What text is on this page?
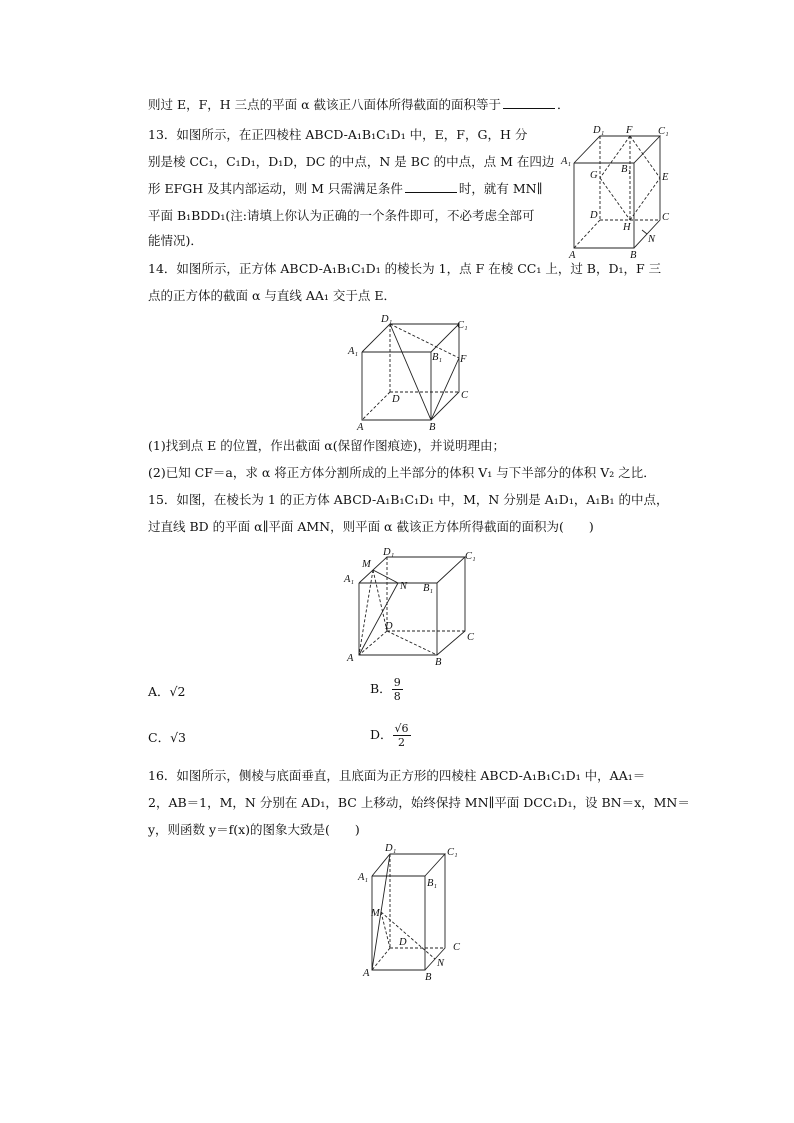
则过 E，F，H 三点的平面 α 截该正八面体所得截面的面积等于	．
13．如图所示，在正四棱柱 ABCD-A₁B₁C₁D₁ 中，E，F，G，H 分
别是棱 CC₁，C₁D₁，D₁D，DC 的中点，N 是 BC 的中点，点 M 在四边
形 EFGH 及其内部运动，则 M 只需满足条件	时，就有 MN∥
平面 B₁BDD₁(注:请填上你认为正确的一个条件即可，不必考虑全部可
能情况)．
D₁ F C₁
A₁
G
B₁
E
D	C
H
N
A	B
14．如图所示，正方体 ABCD-A₁B₁C₁D₁ 的棱长为 1，点 F 在棱 CC₁ 上，过 B，D₁，F 三
点的正方体的截面 α 与直线 AA₁ 交于点 E．
D₁
C₁
A₁
B₁ F
D	C
A	B
(1)找到点 E 的位置，作出截面 α(保留作图痕迹)，并说明理由；
(2)已知 CF＝a，求 α 将正方体分割所成的上半部分的体积 V₁ 与下半部分的体积 V₂ 之比．
15．如图，在棱长为 1 的正方体 ABCD-A₁B₁C₁D₁ 中，M，N 分别是 A₁D₁，A₁B₁ 的中点，
过直线 BD 的平面 α∥平面 AMN，则平面 α 截该正方体所得截面的面积为(　　)
M
D₁	C₁
A₁
N B₁
D
C
A	B
A．√2	B． $\frac{9}{8}$
C．√3	D． $\frac{√6}{2}$
16．如图所示，侧棱与底面垂直，且底面为正方形的四棱柱 ABCD-A₁B₁C₁D₁ 中，AA₁＝
2，AB＝1，M，N 分别在 AD₁，BC 上移动，始终保持 MN∥平面 DCC₁D₁，设 BN＝x，MN＝
y，则函数 y＝f(x)的图象大致是(　　)
D₁	C₁
A₁
B₁
M
D	C
A	B
N
